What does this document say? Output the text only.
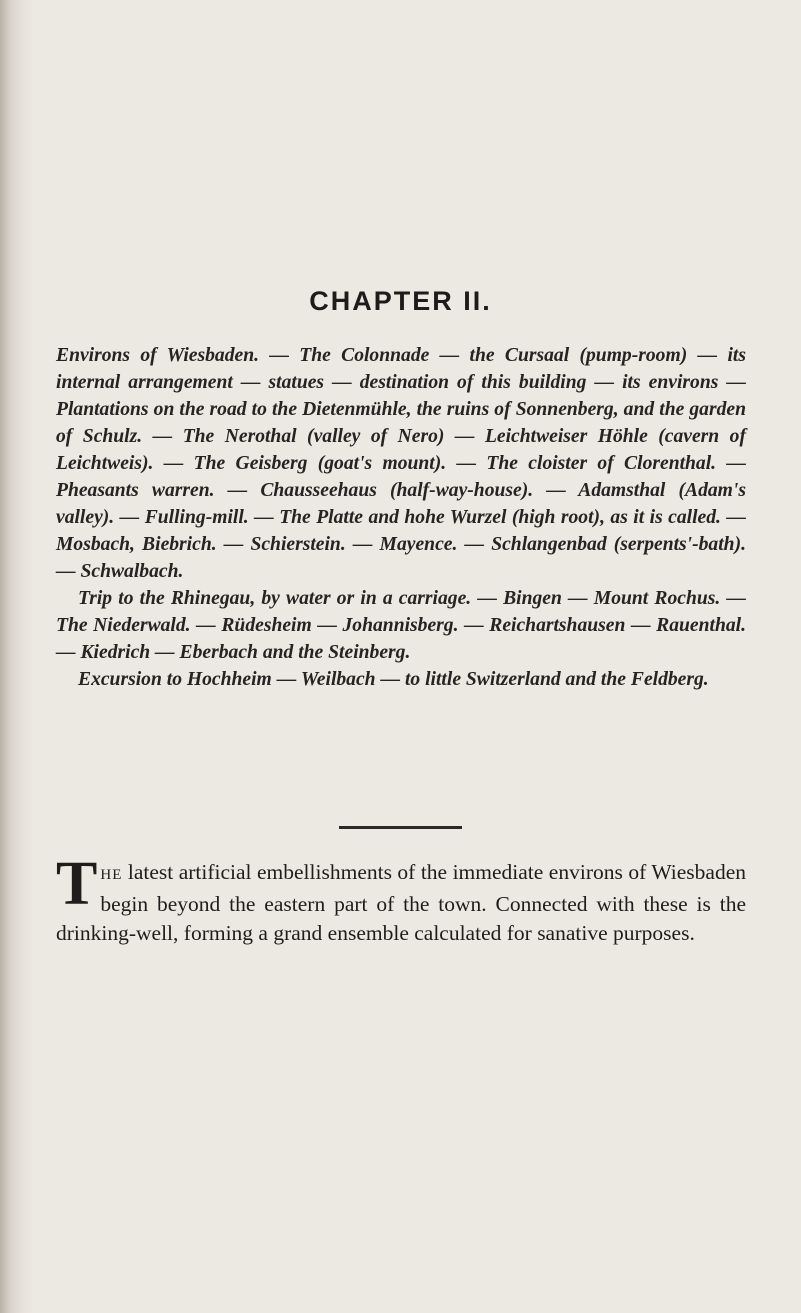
CHAPTER II.

Environs of Wiesbaden. — The Colonnade — the Cursaal (pump-room) — its internal arrangement — statues — destination of this building — its environs — Plantations on the road to the Dietenmühle, the ruins of Sonnenberg, and the garden of Schulz. — The Nerothal (valley of Nero) — Leichtweiser Höhle (cavern of Leichtweis). — The Geisberg (goat's mount). — The cloister of Clorenthal. — Pheasants warren. — Chausseehaus (half-way-house). — Adamsthal (Adam's valley). — Fulling-mill. — The Platte and hohe Wurzel (high root), as it is called. — Mosbach, Biebrich. — Schierstein. — Mayence. — Schlangenbad (serpents'-bath). — Schwalbach.

Trip to the Rhinegau, by water or in a carriage. — Bingen — Mount Rochus. — The Niederwald. — Rüdesheim — Johannisberg. — Reichartshausen — Rauenthal. — Kiedrich — Eberbach and the Steinberg.

Excursion to Hochheim — Weilbach — to little Switzerland and the Feldberg.

THE latest artificial embellishments of the immediate environs of Wiesbaden begin beyond the eastern part of the town. Connected with these is the drinking-well, forming a grand ensemble calculated for sanative purposes.
